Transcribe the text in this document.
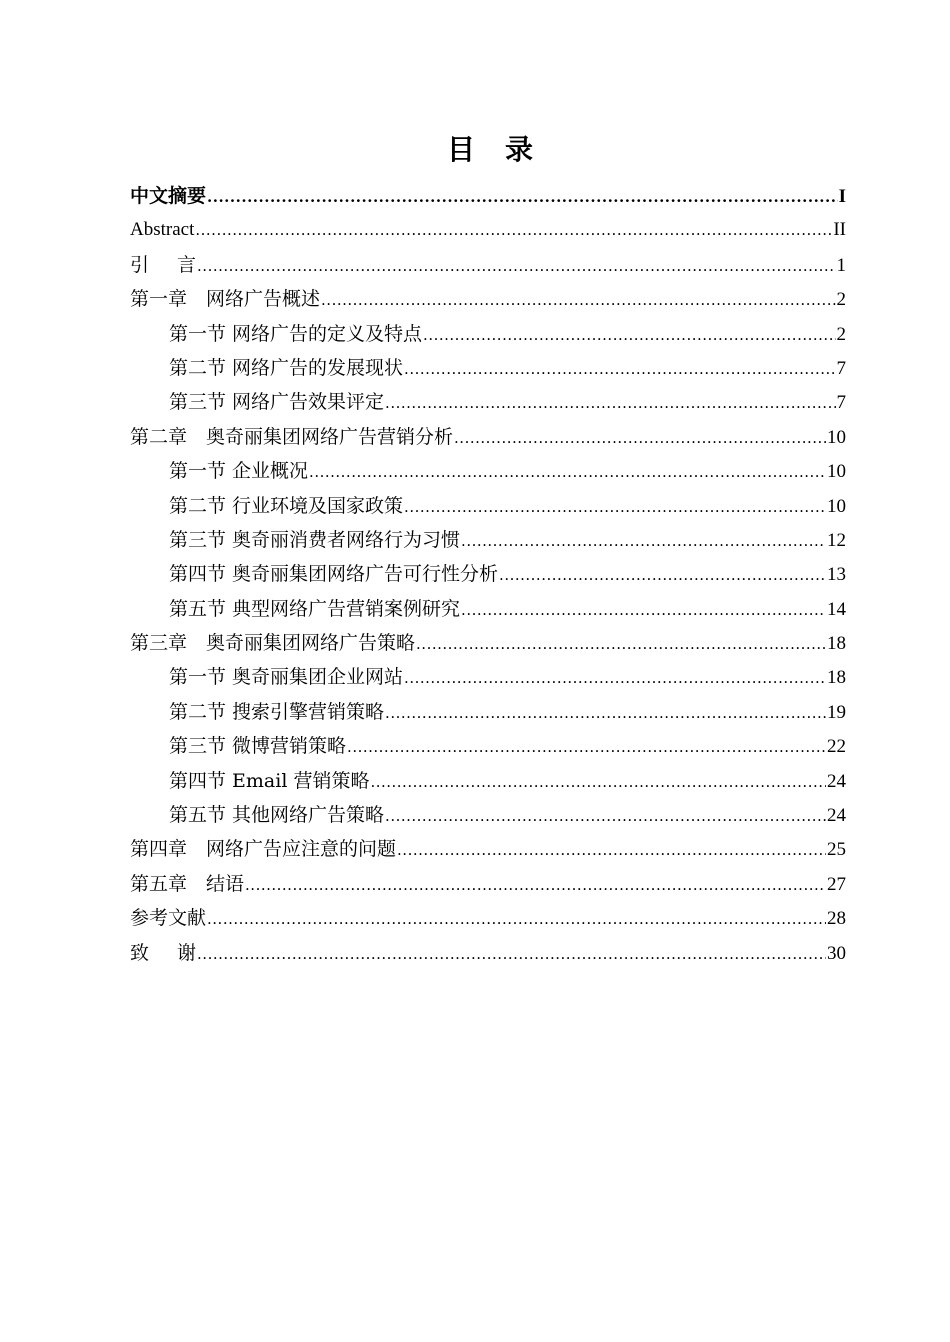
目 录
中文摘要 .....	I
Abstract .....	II
引 言 .....	1
第一章 网络广告概述 .....	2
第一节 网络广告的定义及特点 .....	2
第二节 网络广告的发展现状 .....	7
第三节 网络广告效果评定 .....	7
第二章 奥奇丽集团网络广告营销分析 .....	10
第一节 企业概况 .....	10
第二节 行业环境及国家政策 .....	10
第三节 奥奇丽消费者网络行为习惯 .....	12
第四节 奥奇丽集团网络广告可行性分析 .....	13
第五节 典型网络广告营销案例研究 .....	14
第三章 奥奇丽集团网络广告策略 .....	18
第一节 奥奇丽集团企业网站 .....	18
第二节 搜索引擎营销策略 .....	19
第三节 微博营销策略 .....	22
第四节 Email 营销策略 .....	24
第五节 其他网络广告策略 .....	24
第四章 网络广告应注意的问题 .....	25
第五章 结语 .....	27
参考文献 .....	28
致 谢 .....	30
